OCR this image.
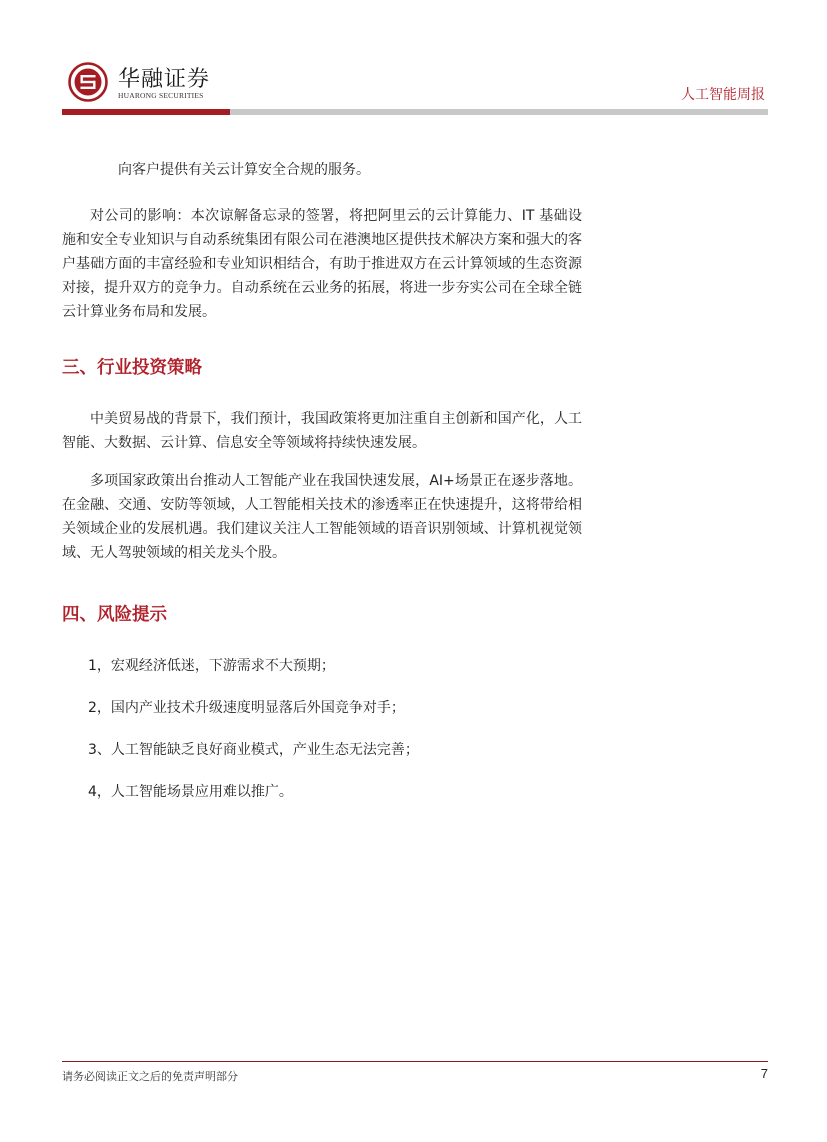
华融证券
HUARONG SECURITIES	人工智能周报

向客户提供有关云计算安全合规的服务。

对公司的影响：本次谅解备忘录的签署，将把阿里云的云计算能力、IT 基础设施和安全专业知识与自动系统集团有限公司在港澳地区提供技术解决方案和强大的客户基础方面的丰富经验和专业知识相结合，有助于推进双方在云计算领域的生态资源对接，提升双方的竞争力。自动系统在云业务的拓展，将进一步夯实公司在全球全链云计算业务布局和发展。

三、行业投资策略

中美贸易战的背景下，我们预计，我国政策将更加注重自主创新和国产化，人工智能、大数据、云计算、信息安全等领域将持续快速发展。

多项国家政策出台推动人工智能产业在我国快速发展，AI+场景正在逐步落地。在金融、交通、安防等领域，人工智能相关技术的渗透率正在快速提升，这将带给相关领域企业的发展机遇。我们建议关注人工智能领域的语音识别领域、计算机视觉领域、无人驾驶领域的相关龙头个股。

四、风险提示

1，宏观经济低迷，下游需求不大预期；

2，国内产业技术升级速度明显落后外国竞争对手；

3、人工智能缺乏良好商业模式，产业生态无法完善；

4，人工智能场景应用难以推广。

请务必阅读正文之后的免责声明部分	7
